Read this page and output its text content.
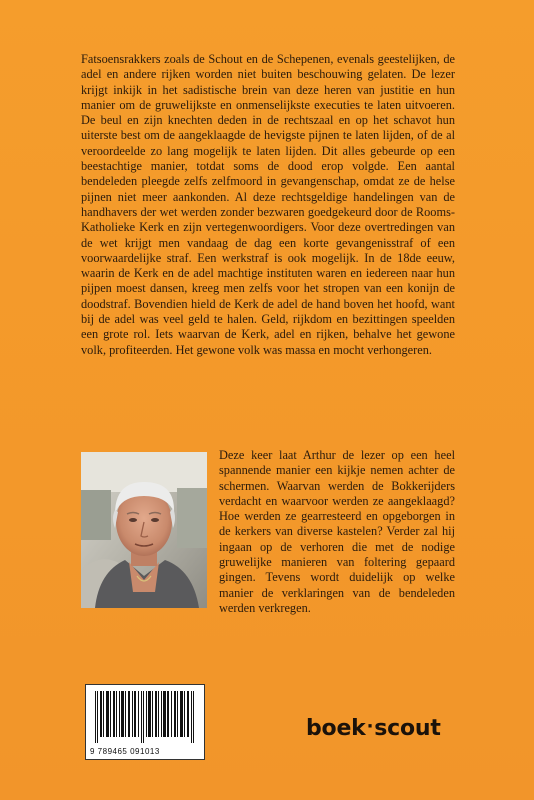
Fatsoensrakkers zoals de Schout en de Schepenen, evenals geestelijken, de adel en andere rijken worden niet buiten beschouwing gelaten. De lezer krijgt inkijk in het sadistische brein van deze heren van justitie en hun manier om de gruwelijkste en onmenselijkste executies te laten uitvoeren. De beul en zijn knechten deden in de rechtszaal en op het schavot hun uiterste best om de aangeklaagde de hevigste pijnen te laten lijden, of de al veroordeelde zo lang mogelijk te laten lijden. Dit alles gebeurde op een beestachtige manier, totdat soms de dood erop volgde. Een aantal bendeleden pleegde zelfs zelfmoord in gevangenschap, omdat ze de helse pijnen niet meer aankonden. Al deze rechtsgeldige handelingen van de handhavers der wet werden zonder bezwaren goedgekeurd door de Rooms-Katholieke Kerk en zijn vertegenwoordigers. Voor deze overtredingen van de wet krijgt men vandaag de dag een korte gevangenisstraf of een voorwaardelijke straf. Een werkstraf is ook mogelijk. In de 18de eeuw, waarin de Kerk en de adel machtige instituten waren en iedereen naar hun pijpen moest dansen, kreeg men zelfs voor het stropen van een konijn de doodstraf. Bovendien hield de Kerk de adel de hand boven het hoofd, want bij de adel was veel geld te halen. Geld, rijkdom en bezittingen speelden een grote rol. Iets waarvan de Kerk, adel en rijken, behalve het gewone volk, profiteerden. Het gewone volk was massa en mocht verhongeren.

Deze keer laat Arthur de lezer op een heel spannende manier een kijkje nemen achter de schermen. Waarvan werden de Bokkerijders verdacht en waarvoor werden ze aangeklaagd? Hoe werden ze gearresteerd en opgeborgen in de kerkers van diverse kastelen? Verder zal hij ingaan op de verhoren die met de nodige gruwelijke manieren van foltering gepaard gingen. Tevens wordt duidelijk op welke manier de verklaringen van de bendeleden werden verkregen.

9 789465 091013
boek·scout
